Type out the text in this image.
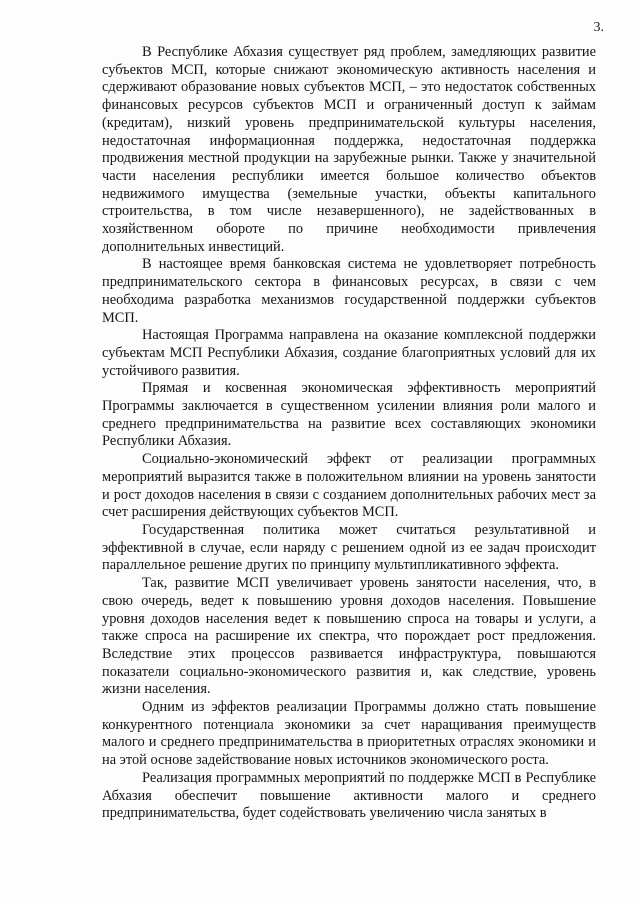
3.

В Республике Абхазия существует ряд проблем, замедляющих развитие субъектов МСП, которые снижают экономическую активность населения и сдерживают образование новых субъектов МСП, – это недостаток собственных финансовых ресурсов субъектов МСП и ограниченный доступ к займам (кредитам), низкий уровень предпринимательской культуры населения, недостаточная информационная поддержка, недостаточная поддержка продвижения местной продукции на зарубежные рынки. Также у значительной части населения республики имеется большое количество объектов недвижимого имущества (земельные участки, объекты капитального строительства, в том числе незавершенного), не задействованных в хозяйственном обороте по причине необходимости привлечения дополнительных инвестиций.

В настоящее время банковская система не удовлетворяет потребность предпринимательского сектора в финансовых ресурсах, в связи с чем необходима разработка механизмов государственной поддержки субъектов МСП.

Настоящая Программа направлена на оказание комплексной поддержки субъектам МСП Республики Абхазия, создание благоприятных условий для их устойчивого развития.

Прямая и косвенная экономическая эффективность мероприятий Программы заключается в существенном усилении влияния роли малого и среднего предпринимательства на развитие всех составляющих экономики Республики Абхазия.

Социально-экономический эффект от реализации программных мероприятий выразится также в положительном влиянии на уровень занятости и рост доходов населения в связи с созданием дополнительных рабочих мест за счет расширения действующих субъектов МСП.

Государственная политика может считаться результативной и эффективной в случае, если наряду с решением одной из ее задач происходит параллельное решение других по принципу мультипликативного эффекта.

Так, развитие МСП увеличивает уровень занятости населения, что, в свою очередь, ведет к повышению уровня доходов населения. Повышение уровня доходов населения ведет к повышению спроса на товары и услуги, а также спроса на расширение их спектра, что порождает рост предложения. Вследствие этих процессов развивается инфраструктура, повышаются показатели социально-экономического развития и, как следствие, уровень жизни населения.

Одним из эффектов реализации Программы должно стать повышение конкурентного потенциала экономики за счет наращивания преимуществ малого и среднего предпринимательства в приоритетных отраслях экономики и на этой основе задействование новых источников экономического роста.

Реализация программных мероприятий по поддержке МСП в Республике Абхазия обеспечит повышение активности малого и среднего предпринимательства, будет содействовать увеличению числа занятых в
